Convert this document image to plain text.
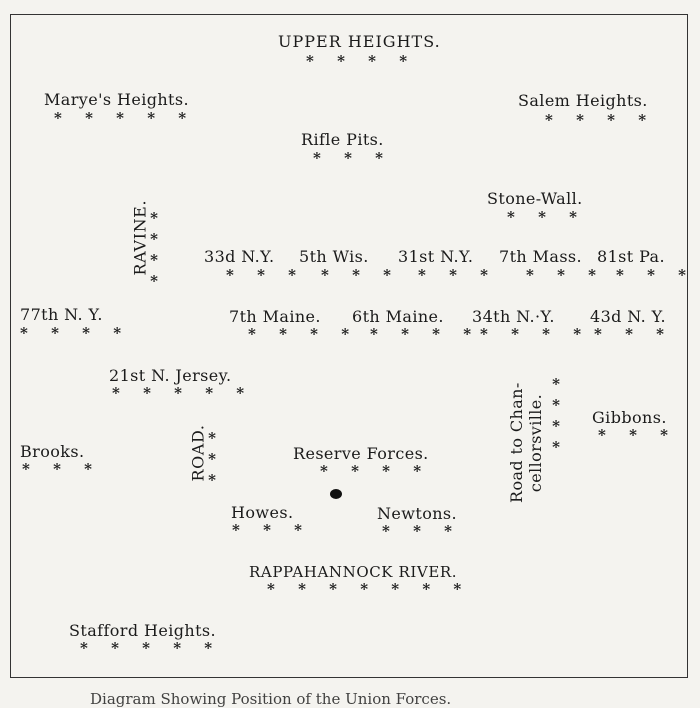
UPPER HEIGHTS.
* * * *
Marye's Heights.
* * * * *
Salem Heights.
* * * *
Rifle Pits.
* * *
Stone-Wall.
* * *
RAVINE. *
*
*
*
33d N.Y.
* * *
5th Wis.
* * *
31st N.Y.
* * *
7th Mass.
* * *
81st Pa.
* * *
77th N. Y.
* * * *
7th Maine.
* * * *
6th Maine.
* * * *
34th N.·Y.
* * * *
43d N. Y.
* * *
21st N. Jersey.
* * * * *	Road to Chan-
cellorsville.
*
*
*
*
Gibbons.
* * *
Brooks.
* * *	ROAD. *
*
*
Reserve Forces.
* * * *
Howes.
* * *
Newtons.
* * *
RAPPAHANNOCK RIVER.
* * * * * * *
Stafford Heights.
* * * * *
Diagram Showing Position of the Union Forces.
